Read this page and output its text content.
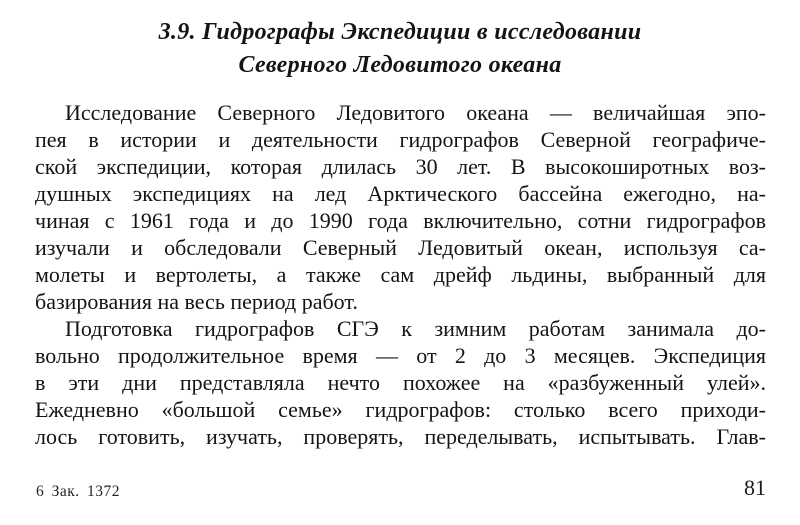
3.9. Гидрографы Экспедиции в исследовании
Северного Ледовитого океана
Исследование Северного Ледовитого океана — величайшая эпо-
пея в истории и деятельности гидрографов Северной географиче-
ской экспедиции, которая длилась 30 лет. В высокоширотных воз-
душных экспедициях на лед Арктического бассейна ежегодно, на-
чиная с 1961 года и до 1990 года включительно, сотни гидрографов
изучали и обследовали Северный Ледовитый океан, используя са-
молеты и вертолеты, а также сам дрейф льдины, выбранный для
базирования на весь период работ.
Подготовка гидрографов СГЭ к зимним работам занимала до-
вольно продолжительное время — от 2 до 3 месяцев. Экспедиция
в эти дни представляла нечто похожее на «разбуженный улей».
Ежедневно «большой семье» гидрографов: столько всего приходи-
лось готовить, изучать, проверять, переделывать, испытывать. Глав-
6 Зак. 1372	81
